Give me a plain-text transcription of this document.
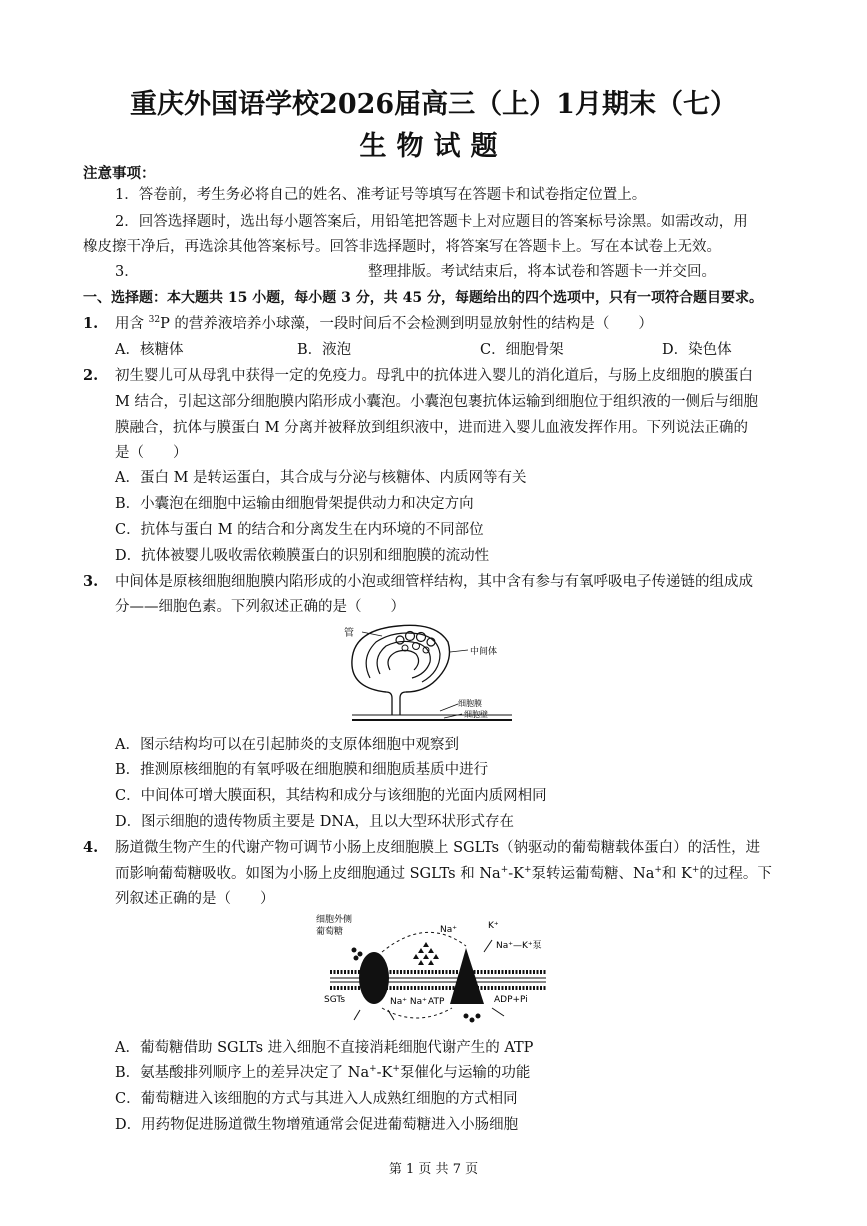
重庆外国语学校2026届高三（上）1月期末（七）
生物试题
注意事项：
1．答卷前，考生务必将自己的姓名、准考证号等填写在答题卡和试卷指定位置上。
2．回答选择题时，选出每小题答案后，用铅笔把答题卡上对应题目的答案标号涂黑。如需改动，用
橡皮擦干净后，再选涂其他答案标号。回答非选择题时，将答案写在答题卡上。写在本试卷上无效。
3．	整理排版。考试结束后，将本试卷和答题卡一并交回。
一、选择题：本大题共 15 小题，每小题 3 分，共 45 分，每题给出的四个选项中，只有一项符合题目要求。
1. 用含 $^{32}$P 的营养液培养小球藻，一段时间后不会检测到明显放射性的结构是（　　）
A．核糖体	B．液泡	C．细胞骨架	D．染色体
2. 初生婴儿可从母乳中获得一定的免疫力。母乳中的抗体进入婴儿的消化道后，与肠上皮细胞的膜蛋白
M 结合，引起这部分细胞膜内陷形成小囊泡。小囊泡包裹抗体运输到细胞位于组织液的一侧后与细胞
膜融合，抗体与膜蛋白 M 分离并被释放到组织液中，进而进入婴儿血液发挥作用。下列说法正确的
是（　　）
A．蛋白 M 是转运蛋白，其合成与分泌与核糖体、内质网等有关
B．小囊泡在细胞中运输由细胞骨架提供动力和决定方向
C．抗体与蛋白 M 的结合和分离发生在内环境的不同部位
D．抗体被婴儿吸收需依赖膜蛋白的识别和细胞膜的流动性
3. 中间体是原核细胞细胞膜内陷形成的小泡或细管样结构，其中含有参与有氧呼吸电子传递链的组成成
分——细胞色素。下列叙述正确的是（　　）
管
中间体
细胞膜
细胞壁
A．图示结构均可以在引起肺炎的支原体细胞中观察到
B．推测原核细胞的有氧呼吸在细胞膜和细胞质基质中进行
C．中间体可增大膜面积，其结构和成分与该细胞的光面内质网相同
D．图示细胞的遗传物质主要是 DNA，且以大型环状形式存在
4. 肠道微生物产生的代谢产物可调节小肠上皮细胞膜上 SGLTs（钠驱动的葡萄糖载体蛋白）的活性，进
而影响葡萄糖吸收。如图为小肠上皮细胞通过 SGLTs 和 Na+-K+泵转运葡萄糖、Na+和 K+的过程。下
列叙述正确的是（　　）
细胞外侧
葡萄糖	Na⁺	K⁺
Na⁺—K⁺泵
SGTs	Na⁺ Na⁺ ATP	ADP+Pi
A．葡萄糖借助 SGLTs 进入细胞不直接消耗细胞代谢产生的 ATP
B．氨基酸排列顺序上的差异决定了 Na+-K+泵催化与运输的功能
C．葡萄糖进入该细胞的方式与其进入人成熟红细胞的方式相同
D．用药物促进肠道微生物增殖通常会促进葡萄糖进入小肠细胞
第 1 页 共 7 页
